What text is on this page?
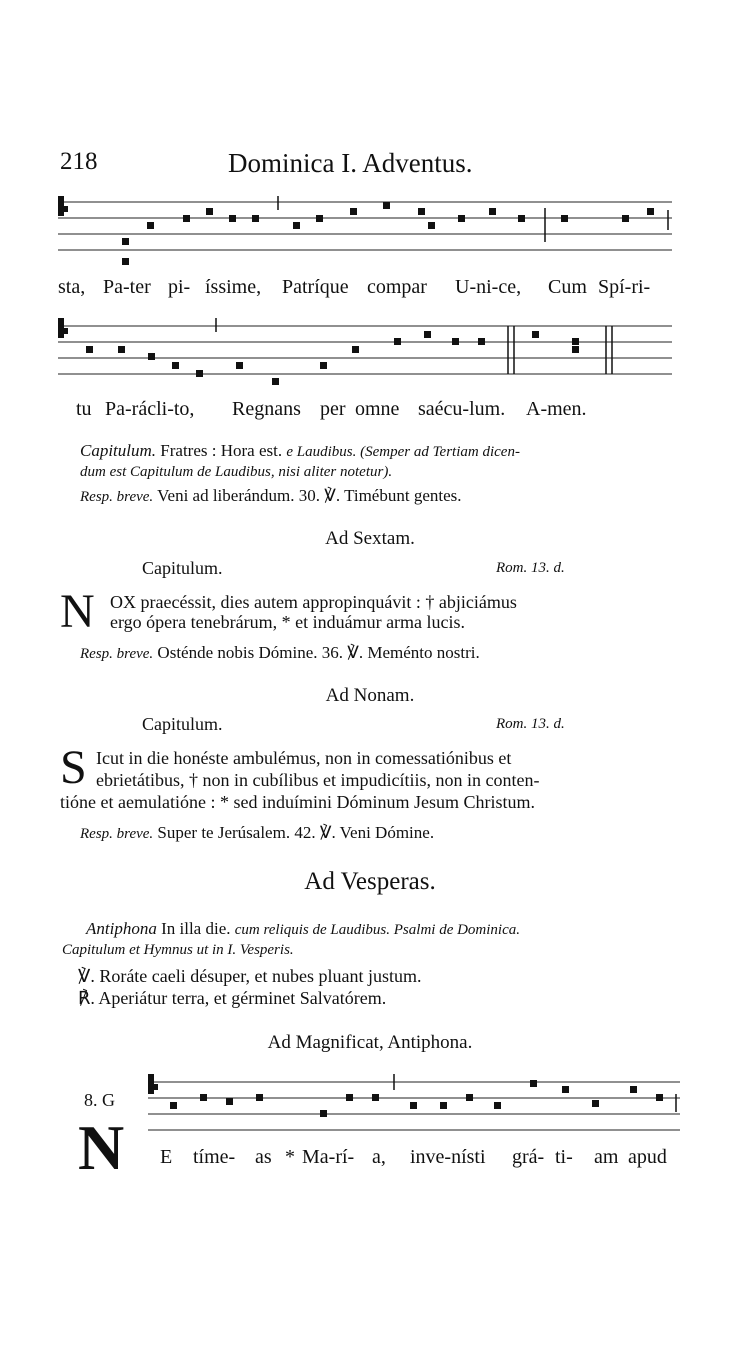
218	Dominica I. Adventus.
sta, Pa-ter pi- íssime, Patríque compar U-ni-ce, Cum Spí-ri-
tu Pa-rácli-to, Regnans per omne saécu-lum. A-men.
Capitulum. Fratres : Hora est. e Laudibus. (Semper ad Tertiam dicen-
dum est Capitulum de Laudibus, nisi aliter notetur).
Resp. breve. Veni ad liberándum. 30. ℣. Timébunt gentes.
Ad Sextam.
Capitulum.	Rom. 13. d.
N OX praecéssit, dies autem appropinquávit : † abjiciámus
ergo ópera tenebrárum, * et induámur arma lucis.
Resp. breve. Osténde nobis Dómine. 36. ℣. Meménto nostri.
Ad Nonam.
Capitulum.	Rom. 13. d.
S Icut in die honéste ambulémus, non in comessatiónibus et
ebrietátibus, † non in cubílibus et impudicítiis, non in conten-
tióne et aemulatióne : * sed induímini Dóminum Jesum Christum.
Resp. breve. Super te Jerúsalem. 42. ℣. Veni Dómine.
Ad Vesperas.
Antiphona In illa die. cum reliquis de Laudibus. Psalmi de Dominica.
Capitulum et Hymnus ut in I. Vesperis.
℣. Roráte caeli désuper, et nubes pluant justum.
℟. Aperiátur terra, et gérminet Salvatórem.
Ad Magnificat, Antiphona.
8. G
N E tíme- as * Ma-rí- a, inve-nísti grá- ti- am apud
